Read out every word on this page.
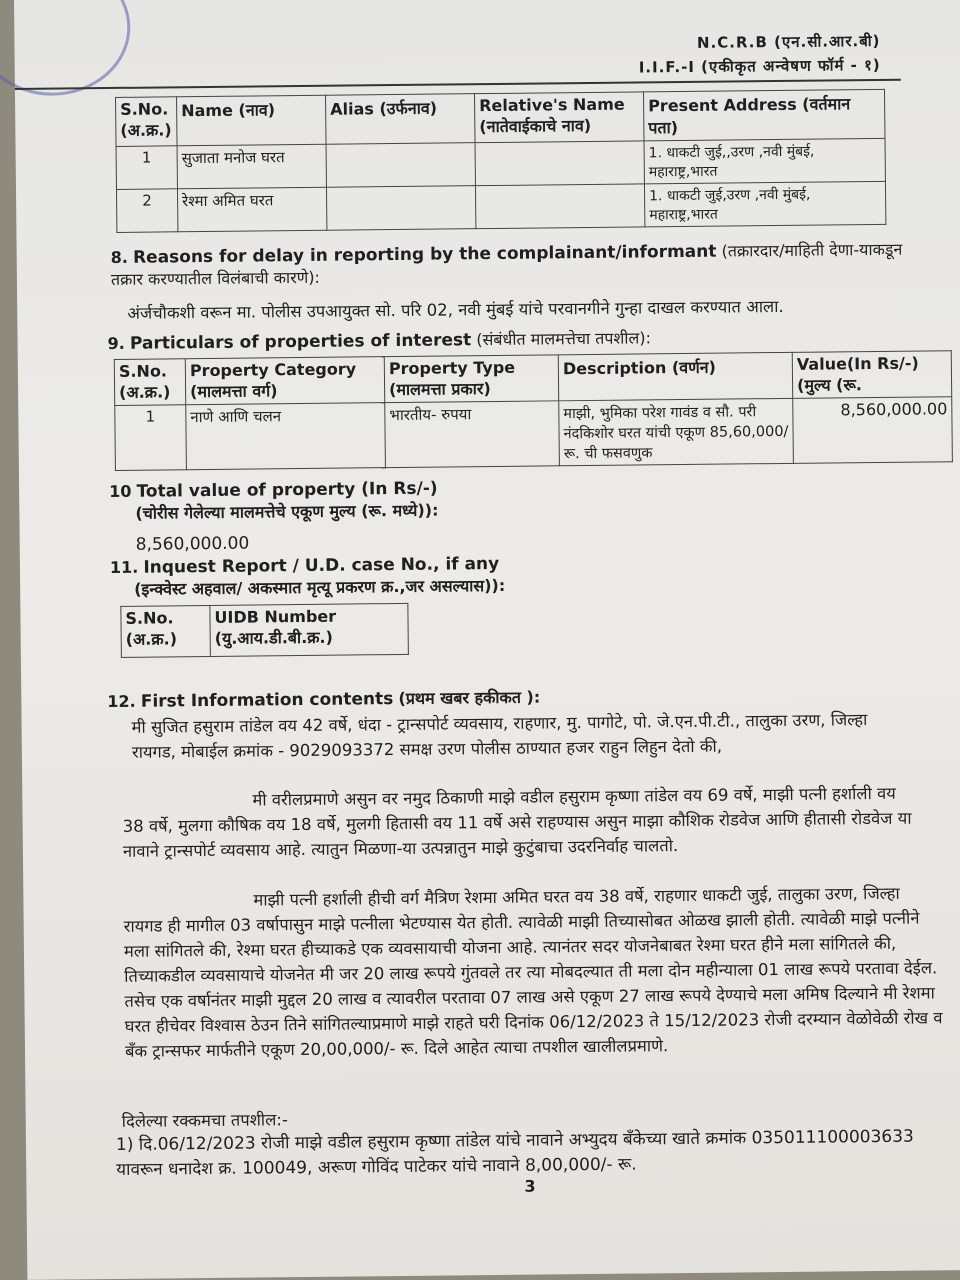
N.C.R.B (एन.सी.आर.बी)
I.I.F.-I (एकीकृत अन्वेषण फॉर्म - १)
S.No. (अ.क्र.)	Name (नाव)	Alias (उर्फनाव)	Relative's Name (नातेवाईकाचे नाव)	Present Address (वर्तमान पता)
1	सुजाता मनोज घरत			1. धाकटी जुई,,उरण ,नवी मुंबई, महाराष्ट्र,भारत
2	रेश्मा अमित घरत			1. धाकटी जुई,उरण ,नवी मुंबई, महाराष्ट्र,भारत
8. Reasons for delay in reporting by the complainant/informant (तक्रारदार/माहिती देणा-याकडून तक्रार करण्यातील विलंबाची कारणे):
अंर्जचौकशी वरून मा. पोलीस उपआयुक्त सो. परि 02, नवी मुंबई यांचे परवानगीने गुन्हा दाखल करण्यात आला.
9. Particulars of properties of interest (संबंधीत मालमत्तेचा तपशील):
S.No. (अ.क्र.)	Property Category (मालमत्ता वर्ग)	Property Type (मालमत्ता प्रकार)	Description (वर्णन)	Value(In Rs/-) (मुल्य (रू.
1	नाणे आणि चलन	भारतीय- रुपया	माझी, भुमिका परेश गावंड व सौ. परी नंदकिशोर घरत यांची एकूण 85,60,000/ रू. ची फसवणुक	8,560,000.00
10 Total value of property (In Rs/-)
(चोरीस गेलेल्या मालमत्तेचे एकूण मुल्य (रू. मध्ये)):
8,560,000.00
11. Inquest Report / U.D. case No., if any
(इन्क्वेस्ट अहवाल/ अकस्मात मृत्यू प्रकरण क्र.,जर असल्यास)):
S.No. (अ.क्र.)	UIDB Number (यु.आय.डी.बी.क्र.)
12. First Information contents (प्रथम खबर हकीकत ):
मी सुजित हसुराम तांडेल वय 42 वर्षे, धंदा - ट्रान्सपोर्ट व्यवसाय, राहणार, मु. पागोटे, पो. जे.एन.पी.टी., तालुका उरण, जिल्हा रायगड, मोबाईल क्रमांक - 9029093372 समक्ष उरण पोलीस ठाण्यात हजर राहुन लिहुन देतो की,
मी वरीलप्रमाणे असुन वर नमुद ठिकाणी माझे वडील हसुराम कृष्णा तांडेल वय 69 वर्षे, माझी पत्नी हर्शाली वय 38 वर्षे, मुलगा कौषिक वय 18 वर्षे, मुलगी हितासी वय 11 वर्षे असे राहण्यास असुन माझा कौशिक रोडवेज आणि हीतासी रोडवेज या नावाने ट्रान्सपोर्ट व्यवसाय आहे. त्यातुन मिळणा-या उत्पन्नातुन माझे कुटुंबाचा उदरनिर्वाह चालतो.
माझी पत्नी हर्शाली हीची वर्ग मैत्रिण रेशमा अमित घरत वय 38 वर्षे, राहणार धाकटी जुई, तालुका उरण, जिल्हा रायगड ही मागील 03 वर्षापासुन माझे पत्नीला भेटण्यास येत होती. त्यावेळी माझी तिच्यासोबत ओळख झाली होती. त्यावेळी माझे पत्नीने मला सांगितले की, रेश्मा घरत हीच्याकडे एक व्यवसायाची योजना आहे. त्यानंतर सदर योजनेबाबत रेश्मा घरत हीने मला सांगितले की, तिच्याकडील व्यवसायाचे योजनेत मी जर 20 लाख रूपये गुंतवले तर त्या मोबदल्यात ती मला दोन महीन्याला 01 लाख रूपये परतावा देईल. तसेच एक वर्षानंतर माझी मुद्दल 20 लाख व त्यावरील परतावा 07 लाख असे एकूण 27 लाख रूपये देण्याचे मला अमिष दिल्याने मी रेशमा घरत हीचेवर विश्वास ठेउन तिने सांगितल्याप्रमाणे माझे राहते घरी दिनांक 06/12/2023 ते 15/12/2023 रोजी दरम्यान वेळोवेळी रोख व बँक ट्रान्सफर मार्फतीने एकूण 20,00,000/- रू. दिले आहेत त्याचा तपशील खालीलप्रमाणे.
दिलेल्या रक्कमचा तपशील:-
1) दि.06/12/2023 रोजी माझे वडील हसुराम कृष्णा तांडेल यांचे नावाने अभ्युदय बँकेच्या खाते क्रमांक 035011100003633 यावरून धनादेश क्र. 100049, अरूण गोविंद पाटेकर यांचे नावाने 8,00,000/- रू.
3
